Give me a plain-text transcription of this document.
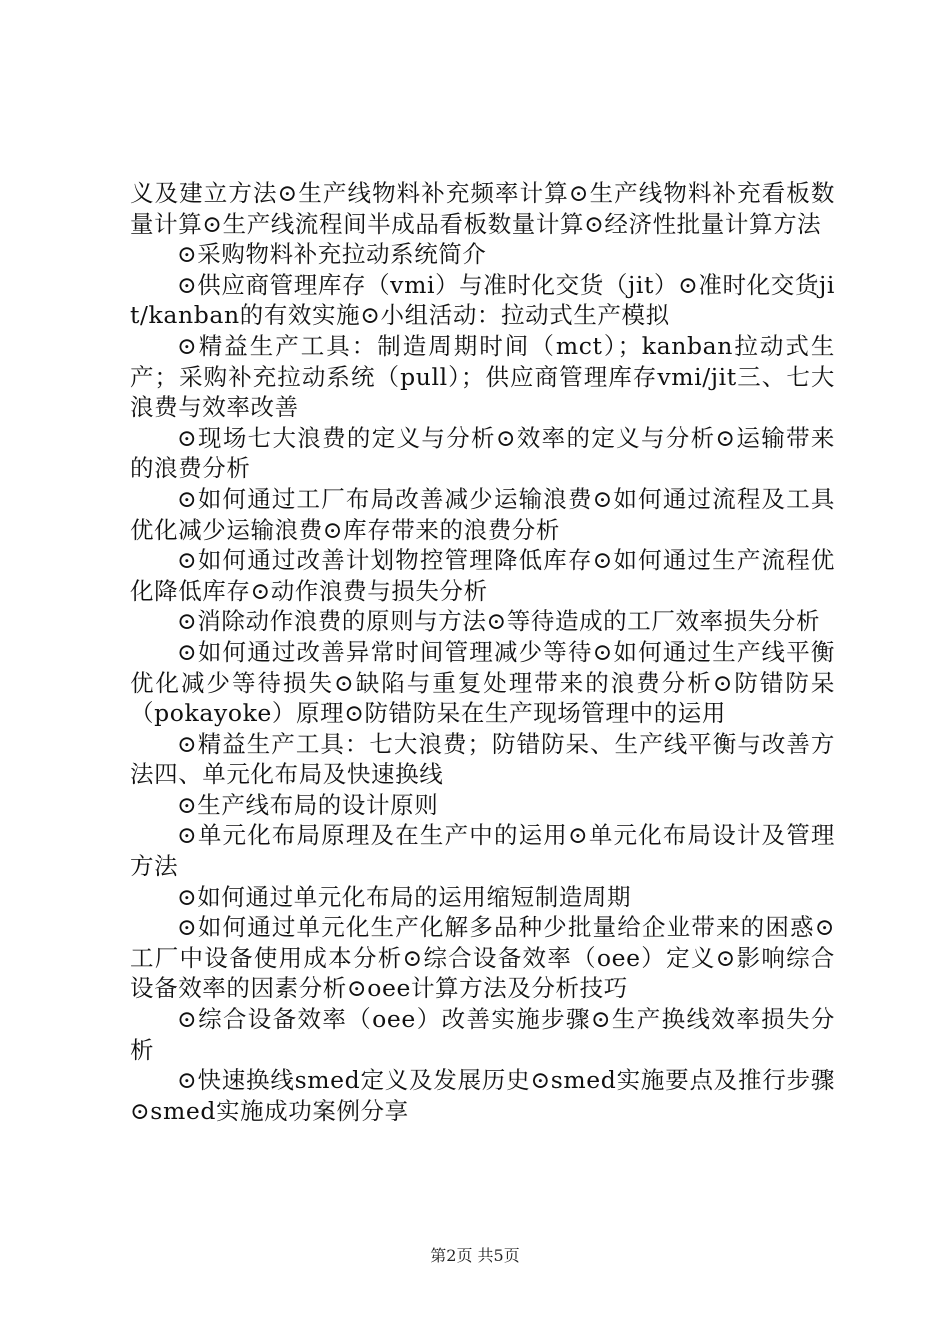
义及建立方法⊙生产线物料补充频率计算⊙生产线物料补充看板数量计算⊙生产线流程间半成品看板数量计算⊙经济性批量计算方法

⊙采购物料补充拉动系统简介

⊙供应商管理库存（vmi）与准时化交货（jit）⊙准时化交货jit/kanban的有效实施⊙小组活动：拉动式生产模拟

⊙精益生产工具：制造周期时间（mct）；kanban拉动式生产；采购补充拉动系统（pull）；供应商管理库存vmi/jit三、七大浪费与效率改善

⊙现场七大浪费的定义与分析⊙效率的定义与分析⊙运输带来的浪费分析

⊙如何通过工厂布局改善减少运输浪费⊙如何通过流程及工具优化减少运输浪费⊙库存带来的浪费分析

⊙如何通过改善计划物控管理降低库存⊙如何通过生产流程优化降低库存⊙动作浪费与损失分析

⊙消除动作浪费的原则与方法⊙等待造成的工厂效率损失分析

⊙如何通过改善异常时间管理减少等待⊙如何通过生产线平衡优化减少等待损失⊙缺陷与重复处理带来的浪费分析⊙防错防呆（pokayoke）原理⊙防错防呆在生产现场管理中的运用

⊙精益生产工具：七大浪费；防错防呆、生产线平衡与改善方法四、单元化布局及快速换线

⊙生产线布局的设计原则

⊙单元化布局原理及在生产中的运用⊙单元化布局设计及管理方法

⊙如何通过单元化布局的运用缩短制造周期

⊙如何通过单元化生产化解多品种少批量给企业带来的困惑⊙工厂中设备使用成本分析⊙综合设备效率（oee）定义⊙影响综合设备效率的因素分析⊙oee计算方法及分析技巧

⊙综合设备效率（oee）改善实施步骤⊙生产换线效率损失分析

⊙快速换线smed定义及发展历史⊙smed实施要点及推行步骤⊙smed实施成功案例分享

第2页 共5页
